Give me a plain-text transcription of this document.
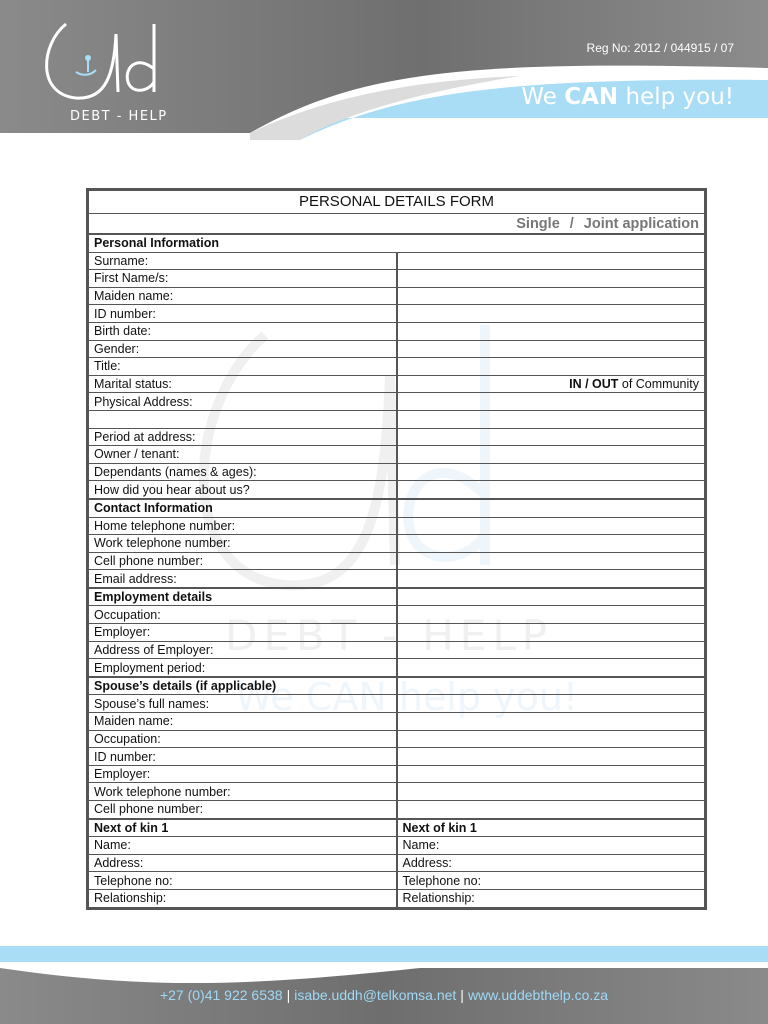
DEBT - HELP
Reg No: 2012 / 044915 / 07
We CAN help you!
DEBT - HELP
We CAN help you!
PERSONAL DETAILS FORM	
Single / Joint application	
Personal Information	
Surname:	
First Name/s:	
Maiden name:	
ID number:	
Birth date:	
Gender:	
Title:	
Marital status:	IN / OUT of Community
Physical Address:	

Period at address:	
Owner / tenant:	
Dependants (names & ages):	
How did you hear about us?	
Contact Information	
Home telephone number:	
Work telephone number:	
Cell phone number:	
Email address:	
Employment details	
Occupation:	
Employer:	
Address of Employer:	
Employment period:	
Spouse’s details (if applicable)	
Spouse’s full names:	
Maiden name:	
Occupation:	
ID number:	
Employer:	
Work telephone number:	
Cell phone number:	
Next of kin 1	Next of kin 1
Name:	Name:
Address:	Address:
Telephone no:	Telephone no:
Relationship:	Relationship:
+27 (0)41 922 6538 | isabe.uddh@telkomsa.net | www.uddebthelp.co.za
